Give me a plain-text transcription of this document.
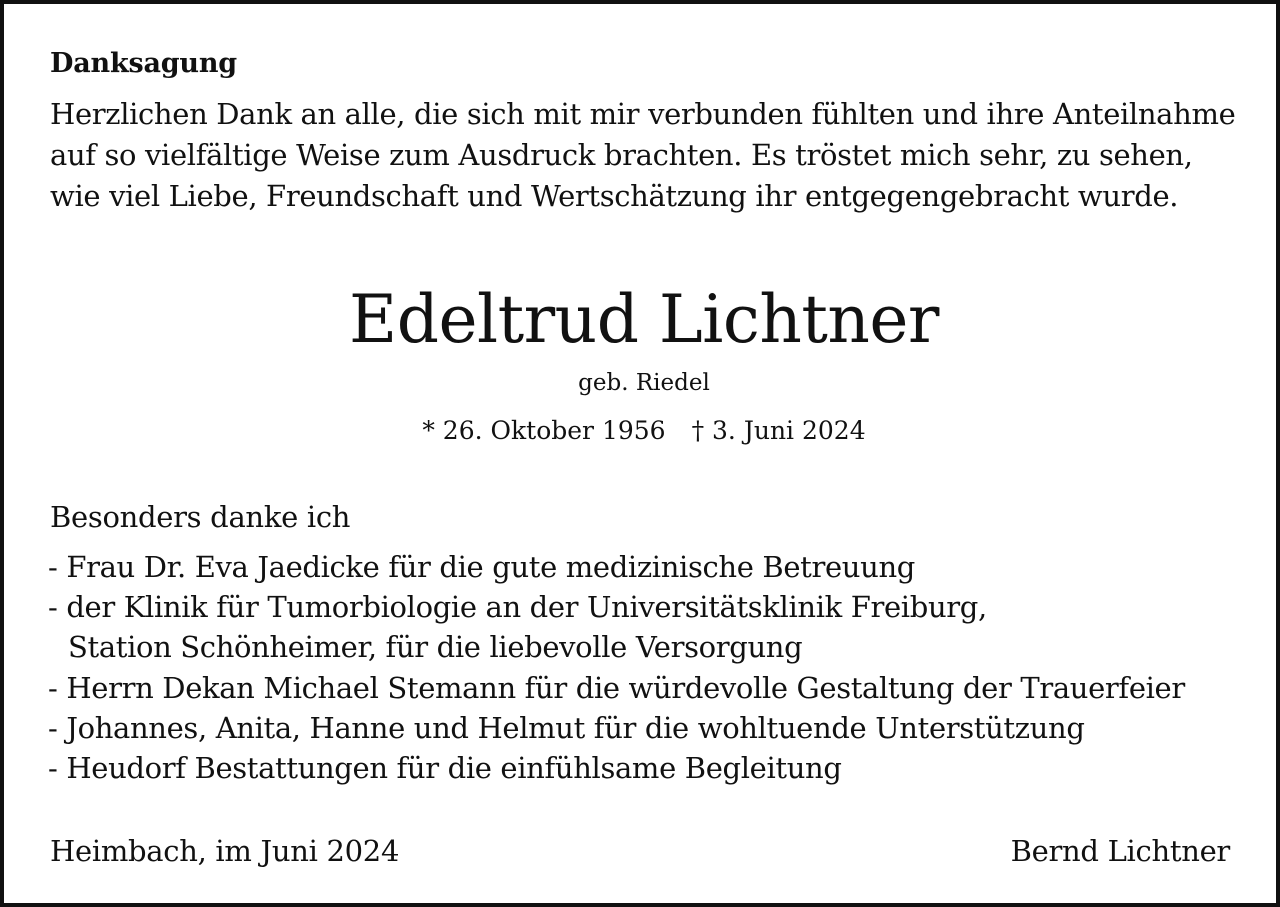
Danksagung
Herzlichen Dank an alle, die sich mit mir verbunden fühlten und ihre Anteilnahme
auf so vielfältige Weise zum Ausdruck brachten. Es tröstet mich sehr, zu sehen,
wie viel Liebe, Freundschaft und Wertschätzung ihr entgegengebracht wurde.
Edeltrud Lichtner
geb. Riedel
* 26. Oktober 1956 † 3. Juni 2024
Besonders danke ich
- Frau Dr. Eva Jaedicke für die gute medizinische Betreuung
- der Klinik für Tumorbiologie an der Universitätsklinik Freiburg,
Station Schönheimer, für die liebevolle Versorgung
- Herrn Dekan Michael Stemann für die würdevolle Gestaltung der Trauerfeier
- Johannes, Anita, Hanne und Helmut für die wohltuende Unterstützung
- Heudorf Bestattungen für die einfühlsame Begleitung
Heimbach, im Juni 2024	Bernd Lichtner
